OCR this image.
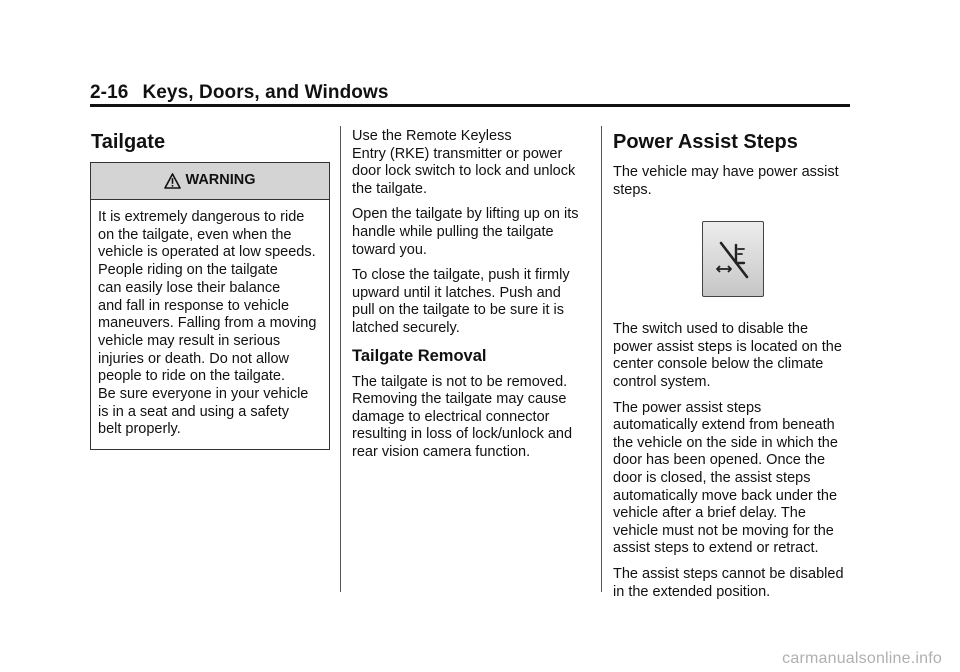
2-16 Keys, Doors, and Windows
Tailgate
WARNING
It is extremely dangerous to ride
on the tailgate, even when the
vehicle is operated at low speeds.
People riding on the tailgate
can easily lose their balance
and fall in response to vehicle
maneuvers. Falling from a moving
vehicle may result in serious
injuries or death. Do not allow
people to ride on the tailgate.
Be sure everyone in your vehicle
is in a seat and using a safety
belt properly.

Use the Remote Keyless
Entry (RKE) transmitter or power
door lock switch to lock and unlock
the tailgate.

Open the tailgate by lifting up on its
handle while pulling the tailgate
toward you.

To close the tailgate, push it firmly
upward until it latches. Push and
pull on the tailgate to be sure it is
latched securely.

Tailgate Removal

The tailgate is not to be removed.
Removing the tailgate may cause
damage to electrical connector
resulting in loss of lock/unlock and
rear vision camera function.

Power Assist Steps

The vehicle may have power assist
steps.

The switch used to disable the
power assist steps is located on the
center console below the climate
control system.

The power assist steps
automatically extend from beneath
the vehicle on the side in which the
door has been opened. Once the
door is closed, the assist steps
automatically move back under the
vehicle after a brief delay. The
vehicle must not be moving for the
assist steps to extend or retract.

The assist steps cannot be disabled
in the extended position.

carmanualsonline.info
